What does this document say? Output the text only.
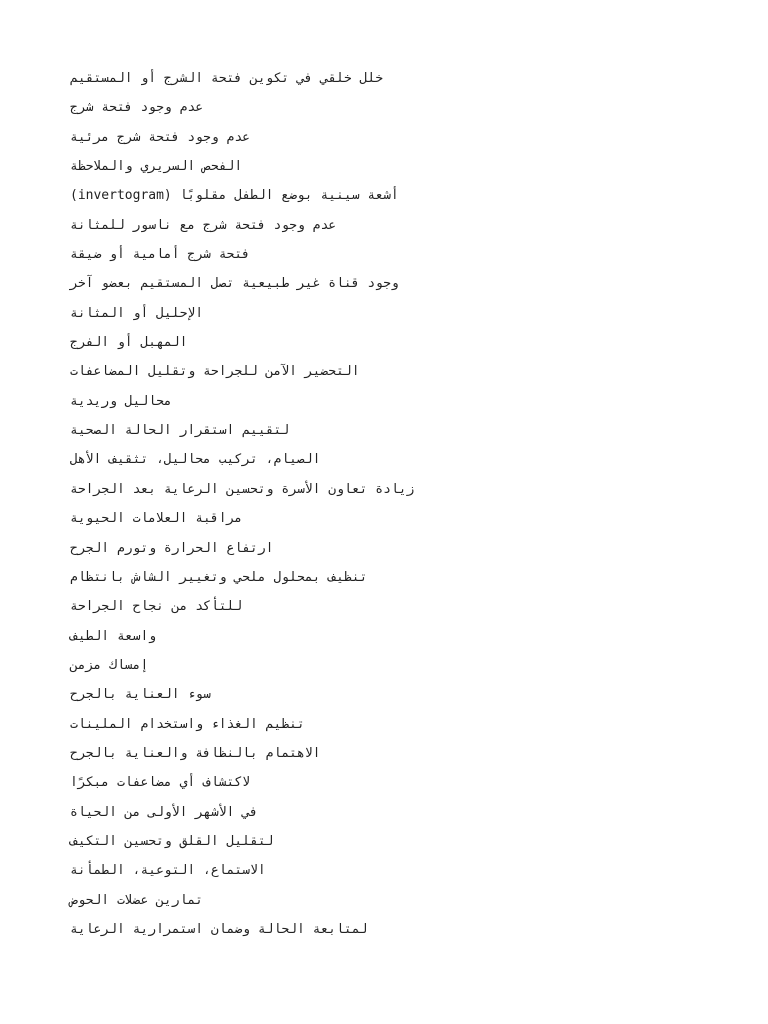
خلل خلقي في تكوين فتحة الشرج أو المستقيم
عدم وجود فتحة شرج
عدم وجود فتحة شرج مرئية
الفحص السريري والملاحظة
أشعة سينية بوضع الطفل مقلوبًا (invertogram)
عدم وجود فتحة شرج مع ناسور للمثانة
فتحة شرج أمامية أو ضيقة
وجود قناة غير طبيعية تصل المستقيم بعضو آخر
الإحليل أو المثانة
المهبل أو الفرج
التحضير الآمن للجراحة وتقليل المضاعفات
محاليل وريدية
لتقييم استقرار الحالة الصحية
الصيام، تركيب محاليل، تثقيف الأهل
زيادة تعاون الأسرة وتحسين الرعاية بعد الجراحة
مراقبة العلامات الحيوية
ارتفاع الحرارة وتورم الجرح
تنظيف بمحلول ملحي وتغيير الشاش بانتظام
للتأكد من نجاح الجراحة
واسعة الطيف
إمساك مزمن
سوء العناية بالجرح
تنظيم الغذاء واستخدام الملينات
الاهتمام بالنظافة والعناية بالجرح
لاكتشاف أي مضاعفات مبكرًا
في الأشهر الأولى من الحياة
لتقليل القلق وتحسين التكيف
الاستماع، التوعية، الطمأنة
تمارين عضلات الحوض
لمتابعة الحالة وضمان استمرارية الرعاية
